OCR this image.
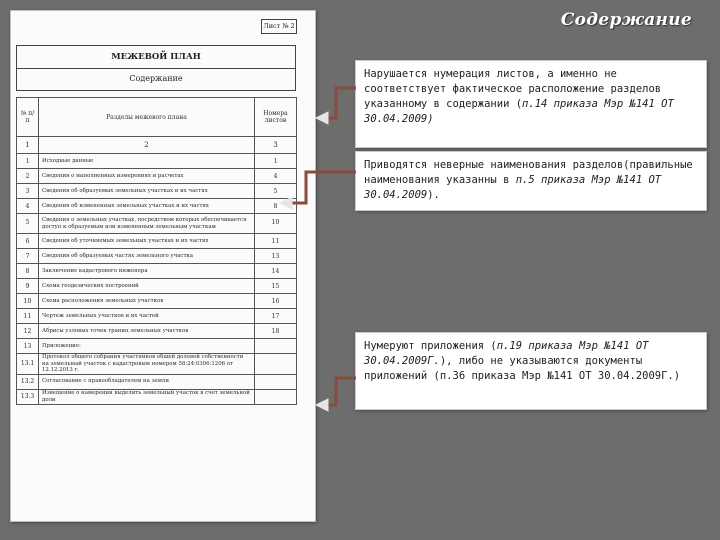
Содержание
Лист № 2
МЕЖЕВОЙ ПЛАН
Содержание
№ п/п	Разделы межевого плана	Номера листов
1	2	3
1	Исходные данные	1
2	Сведения о выполненных измерениях и расчетах	4
3	Сведения об образуемых земельных участках и их частях	5
4	Сведения об измененных земельных участках и их частях	8
5	Сведения о земельных участках, посредством которых обеспечивается доступ к образуемым или измененным земельным участкам	10
6	Сведения об уточняемых земельных участках и их частях	11
7	Сведения об образуемых частях земельного участка	13
8	Заключение кадастрового инженера	14
9	Схема геодезических построений	15
10	Схема расположения земельных участков	16
11	Чертеж земельных участков и их частей	17
12	Абрисы узловых точек границ земельных участков	18
13	Приложение:	
13.1	Протокол общего собрания участников общей долевой собственности на земельный участок с кадастровым номером 58:24:0306:1206 от 12.12.2013 г.	
13.2	Согласование с правообладателем на земли	
13.3	Извещение о намерении выделить земельный участок в счет земельной доли	
Нарушается нумерация листов, а именно не соответствует фактическое расположение разделов указанному в содержании (п.14 приказа Мэр №141 ОТ 30.04.2009)
Приводятся неверные наименования разделов(правильные наименования указанны в п.5 приказа Мэр №141 ОТ 30.04.2009).
Нумеруют приложения (п.19 приказа Мэр №141 ОТ 30.04.2009Г.), либо не указываются документы приложений (п.36 приказа Мэр №141 ОТ 30.04.2009Г.)
